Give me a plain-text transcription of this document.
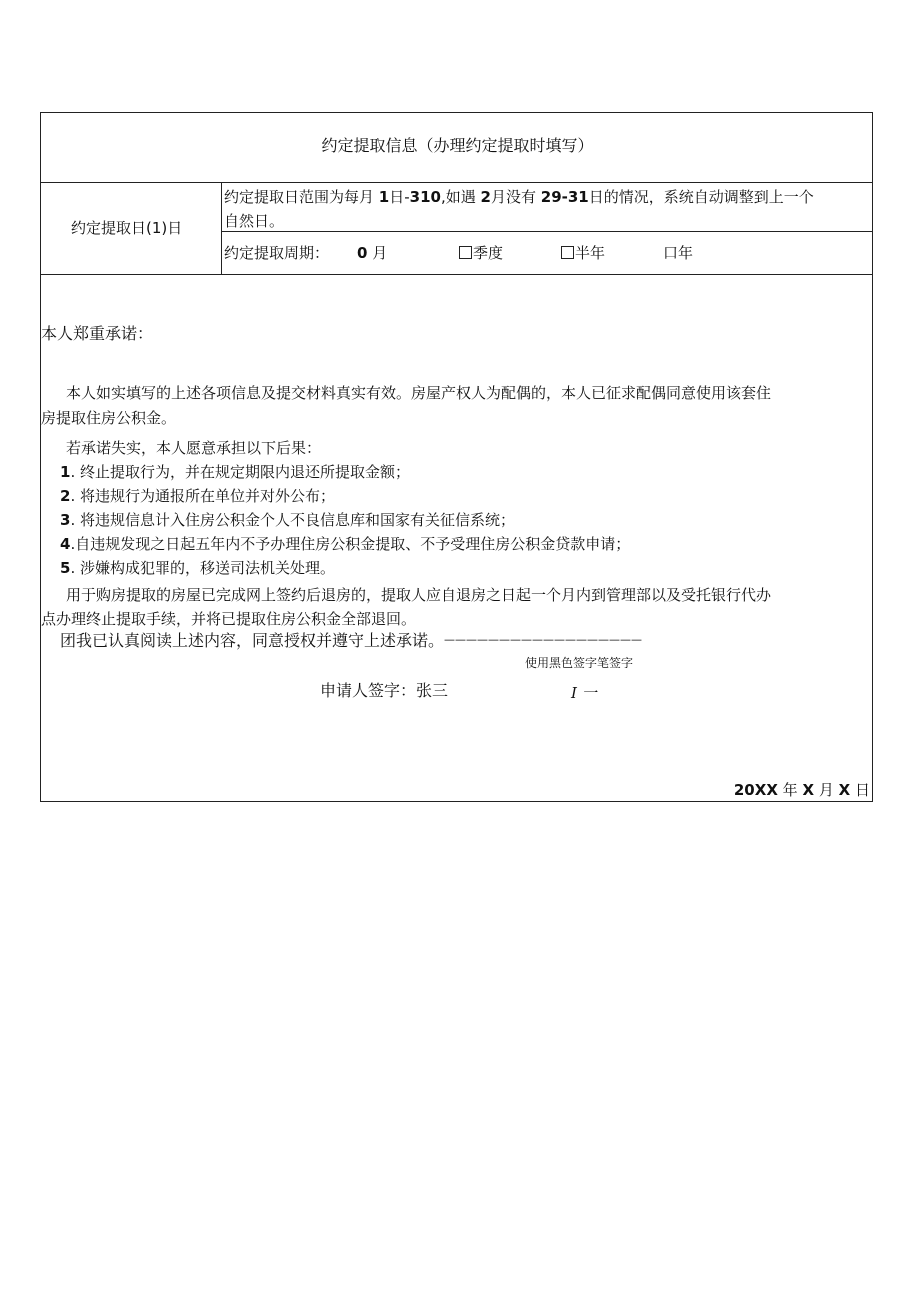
约定提取信息（办理约定提取时填写）
约定提取日(1)日
约定提取日范围为每月 1日-310,如遇 2月没有 29-31日的情况，系统自动调整到上一个
自然日。
约定提取周期： 0 月	季度	半年	口年
本人郑重承诺：
本人如实填写的上述各项信息及提交材料真实有效。房屋产权人为配偶的，本人已征求配偶同意使用该套住
房提取住房公积金。
若承诺失实，本人愿意承担以下后果：
1. 终止提取行为，并在规定期限内退还所提取金额；
2. 将违规行为通报所在单位并对外公布；
3. 将违规信息计入住房公积金个人不良信息库和国家有关征信系统；
4.自违规发现之日起五年内不予办理住房公积金提取、不予受理住房公积金贷款申请；
5. 涉嫌构成犯罪的，移送司法机关处理。
用于购房提取的房屋已完成网上签约后退房的，提取人应自退房之日起一个月内到管理部以及受托银行代办
点办理终止提取手续，并将已提取住房公积金全部退回。
团我已认真阅读上述内容，同意授权并遵守上述承诺。——————————————————
使用黑色签字笔签字
申请人签字：张三	I 一
20XX 年 X 月 X 日
